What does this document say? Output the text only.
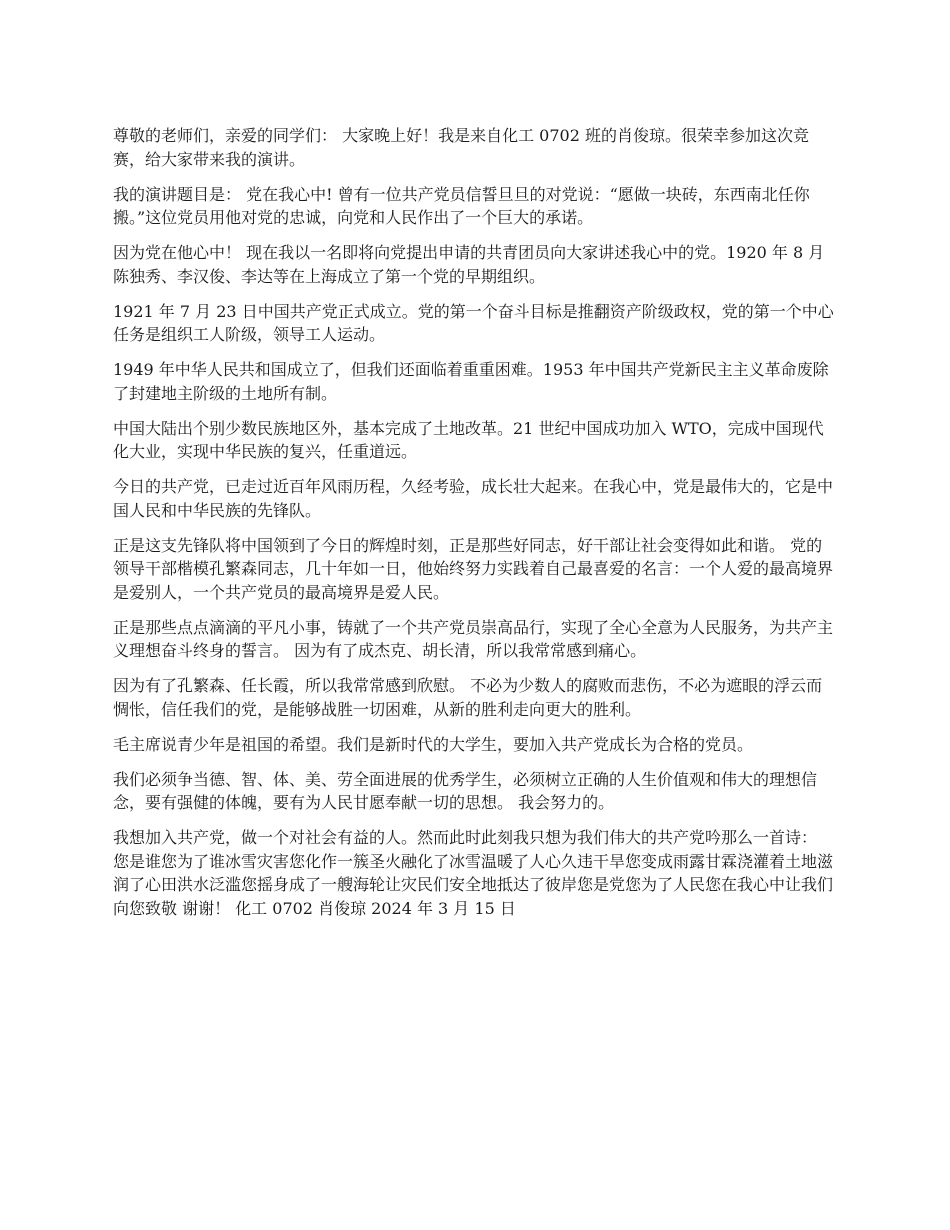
尊敬的老师们，亲爱的同学们： 大家晚上好！我是来自化工 0702 班的肖俊琼。很荣幸参加这次竞赛，给大家带来我的演讲。

我的演讲题目是： 党在我心中! 曾有一位共产党员信誓旦旦的对党说：“愿做一块砖，东西南北任你搬。”这位党员用他对党的忠诚，向党和人民作出了一个巨大的承诺。

因为党在他心中！ 现在我以一名即将向党提出申请的共青团员向大家讲述我心中的党。1920 年 8 月陈独秀、李汉俊、李达等在上海成立了第一个党的早期组织。

1921 年 7 月 23 日中国共产党正式成立。党的第一个奋斗目标是推翻资产阶级政权，党的第一个中心任务是组织工人阶级，领导工人运动。

1949 年中华人民共和国成立了，但我们还面临着重重困难。1953 年中国共产党新民主主义革命废除了封建地主阶级的土地所有制。

中国大陆出个别少数民族地区外，基本完成了土地改革。21 世纪中国成功加入 WTO，完成中国现代化大业，实现中华民族的复兴，任重道远。

今日的共产党，已走过近百年风雨历程，久经考验，成长壮大起来。在我心中，党是最伟大的，它是中国人民和中华民族的先锋队。

正是这支先锋队将中国领到了今日的辉煌时刻，正是那些好同志，好干部让社会变得如此和谐。 党的领导干部楷模孔繁森同志，几十年如一日，他始终努力实践着自己最喜爱的名言：一个人爱的最高境界是爱别人，一个共产党员的最高境界是爱人民。

正是那些点点滴滴的平凡小事，铸就了一个共产党员崇高品行，实现了全心全意为人民服务，为共产主义理想奋斗终身的誓言。 因为有了成杰克、胡长清，所以我常常感到痛心。

因为有了孔繁森、任长霞，所以我常常感到欣慰。 不必为少数人的腐败而悲伤，不必为遮眼的浮云而惆怅，信任我们的党，是能够战胜一切困难，从新的胜利走向更大的胜利。

毛主席说青少年是祖国的希望。我们是新时代的大学生，要加入共产党成长为合格的党员。

我们必须争当德、智、体、美、劳全面进展的优秀学生，必须树立正确的人生价值观和伟大的理想信念，要有强健的体魄，要有为人民甘愿奉献一切的思想。 我会努力的。

我想加入共产党，做一个对社会有益的人。然而此时此刻我只想为我们伟大的共产党吟那么一首诗： 您是谁您为了谁冰雪灾害您化作一簇圣火融化了冰雪温暖了人心久违干旱您变成雨露甘霖浇灌着土地滋润了心田洪水泛滥您摇身成了一艘海轮让灾民们安全地抵达了彼岸您是党您为了人民您在我心中让我们向您致敬 谢谢！ 化工 0702 肖俊琼 2024 年 3 月 15 日
